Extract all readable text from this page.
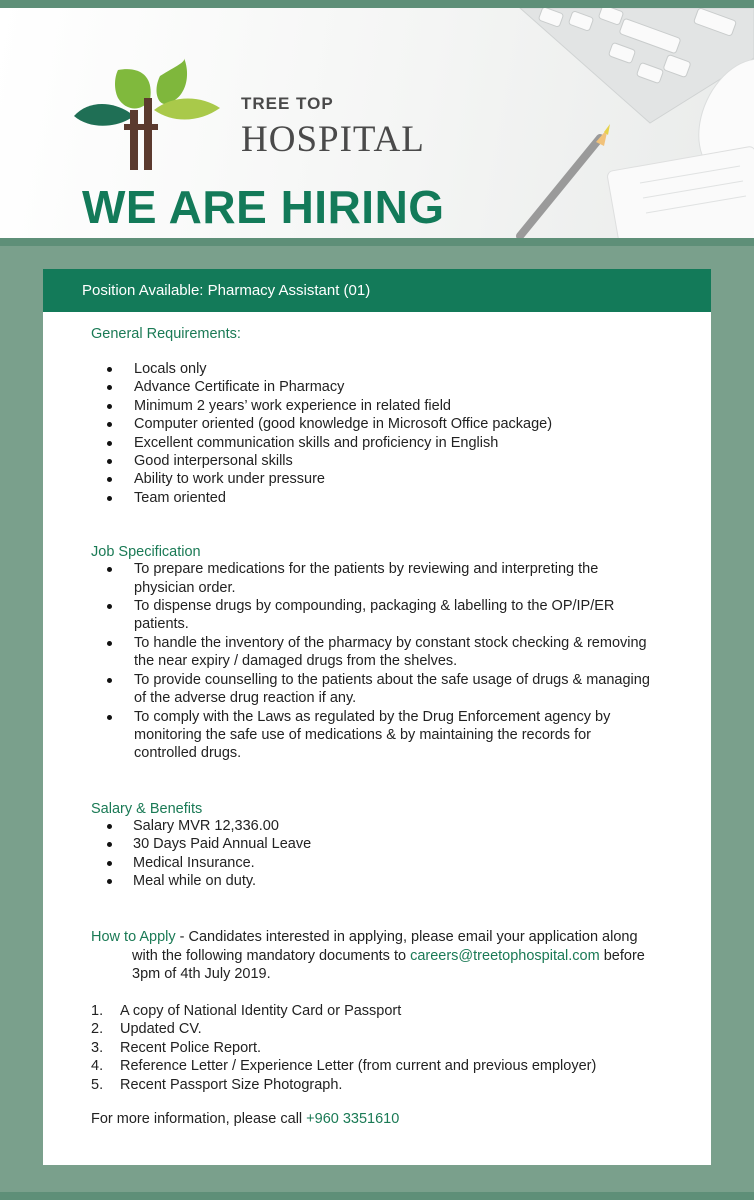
TREE TOP
HOSPITAL
WE ARE HIRING
Position Available: Pharmacy Assistant (01)
General Requirements:
Locals only
Advance Certificate in Pharmacy
Minimum 2 years’ work experience in related field
Computer oriented (good knowledge in Microsoft Office package)
Excellent communication skills and proficiency in English
Good interpersonal skills
Ability to work under pressure
Team oriented
Job Specification
To prepare medications for the patients by reviewing and interpreting the physician order.
To dispense drugs by compounding, packaging & labelling to the OP/IP/ER patients.
To handle the inventory of the pharmacy by constant stock checking & removing the near expiry / damaged drugs from the shelves.
To provide counselling to the patients about the safe usage of drugs & managing of the adverse drug reaction if any.
To comply with the Laws as regulated by the Drug Enforcement agency by monitoring the safe use of medications & by maintaining the records for controlled drugs.
Salary & Benefits
Salary MVR 12,336.00
30 Days Paid Annual Leave
Medical Insurance.
Meal while on duty.
How to Apply - Candidates interested in applying, please email your application along
with the following mandatory documents to careers@treetophospital.com before
3pm of 4th July 2019.
1. A copy of National Identity Card or Passport
2. Updated CV.
3. Recent Police Report.
4. Reference Letter / Experience Letter (from current and previous employer)
5. Recent Passport Size Photograph.
For more information, please call +960 3351610
